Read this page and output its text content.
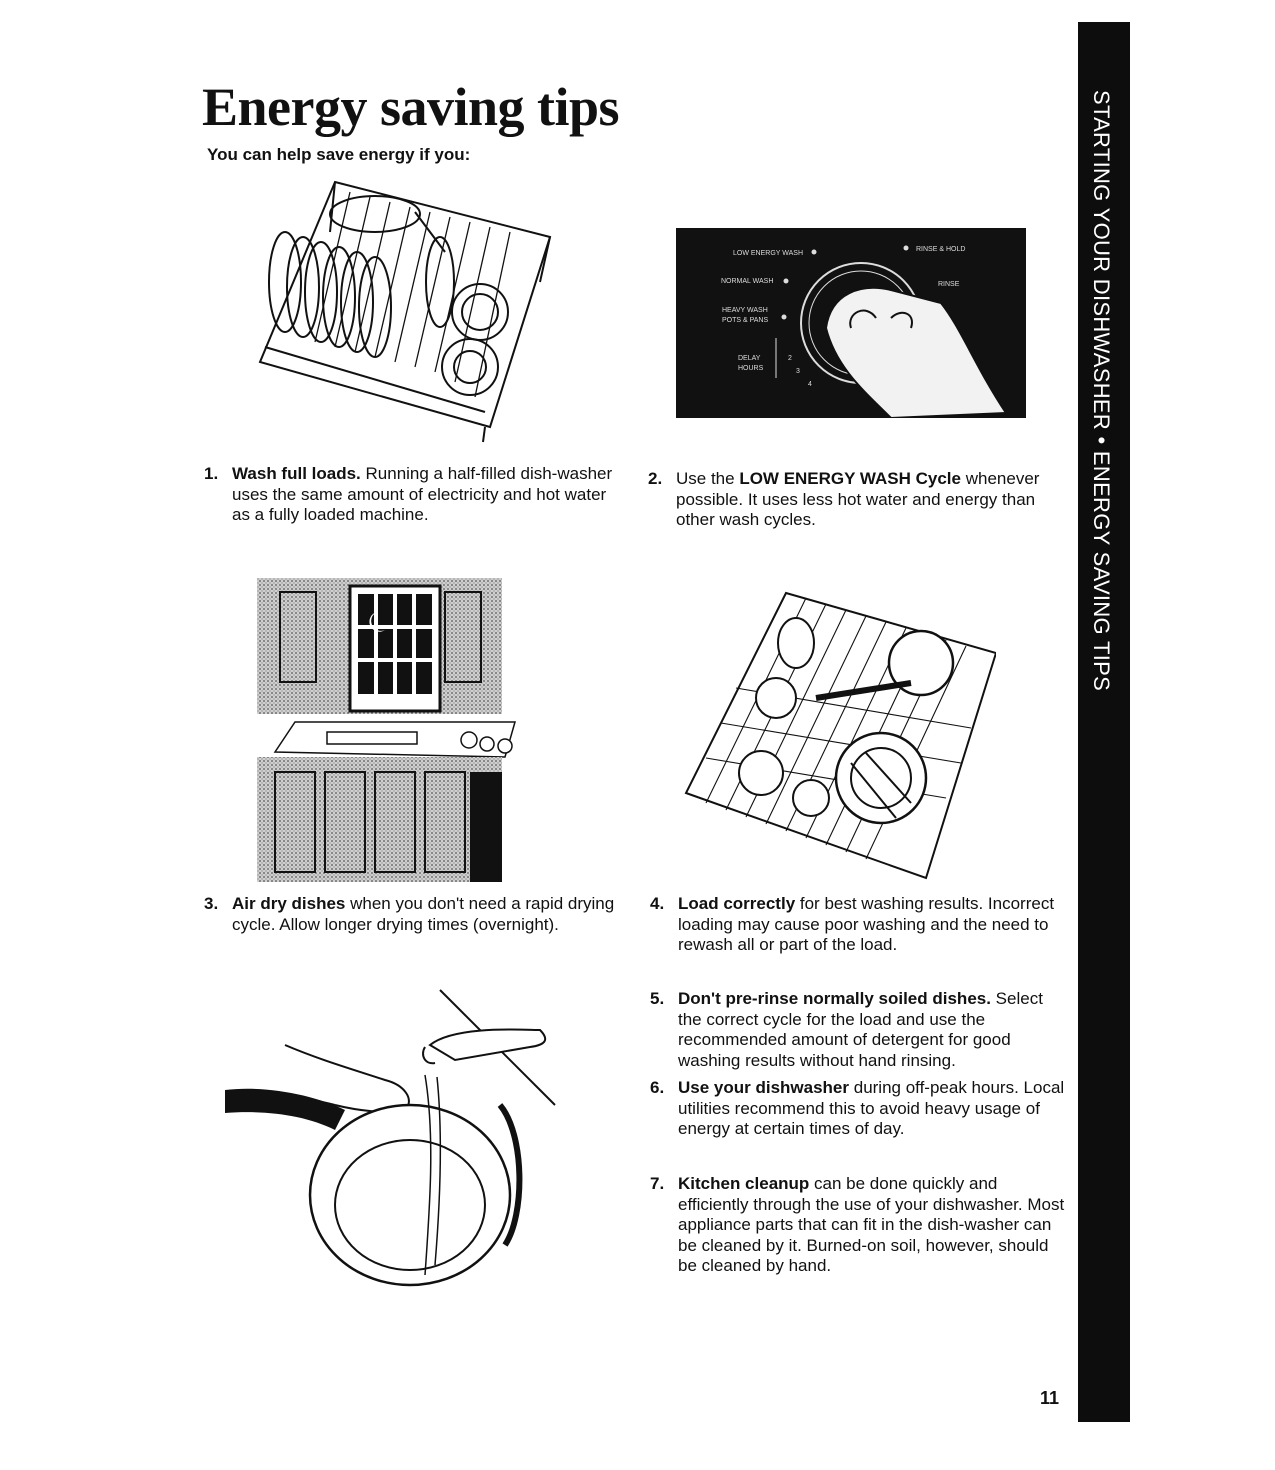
Energy saving tips
You can help save energy if you:	STARTING YOUR DISHWASHER • ENERGY SAVING TIPS
LOW ENERGY WASH
NORMAL WASH
HEAVY WASH
POTS & PANS
DELAY
HOURS
RINSE & HOLD
RINSE
2
3
4
1. Wash full loads. Running a half-filled dish-washer uses the same amount of electricity and hot water as a fully loaded machine.
2. Use the LOW ENERGY WASH Cycle whenever possible. It uses less hot water and energy than other wash cycles.
3. Air dry dishes when you don't need a rapid drying cycle. Allow longer drying times (overnight).
4. Load correctly for best washing results. Incorrect loading may cause poor washing and the need to rewash all or part of the load.
5. Don't pre-rinse normally soiled dishes. Select the correct cycle for the load and use the recommended amount of detergent for good washing results without hand rinsing.
6. Use your dishwasher during off-peak hours. Local utilities recommend this to avoid heavy usage of energy at certain times of day.
7. Kitchen cleanup can be done quickly and efficiently through the use of your dishwasher. Most appliance parts that can fit in the dish-washer can be cleaned by it. Burned-on soil, however, should be cleaned by hand.
11
